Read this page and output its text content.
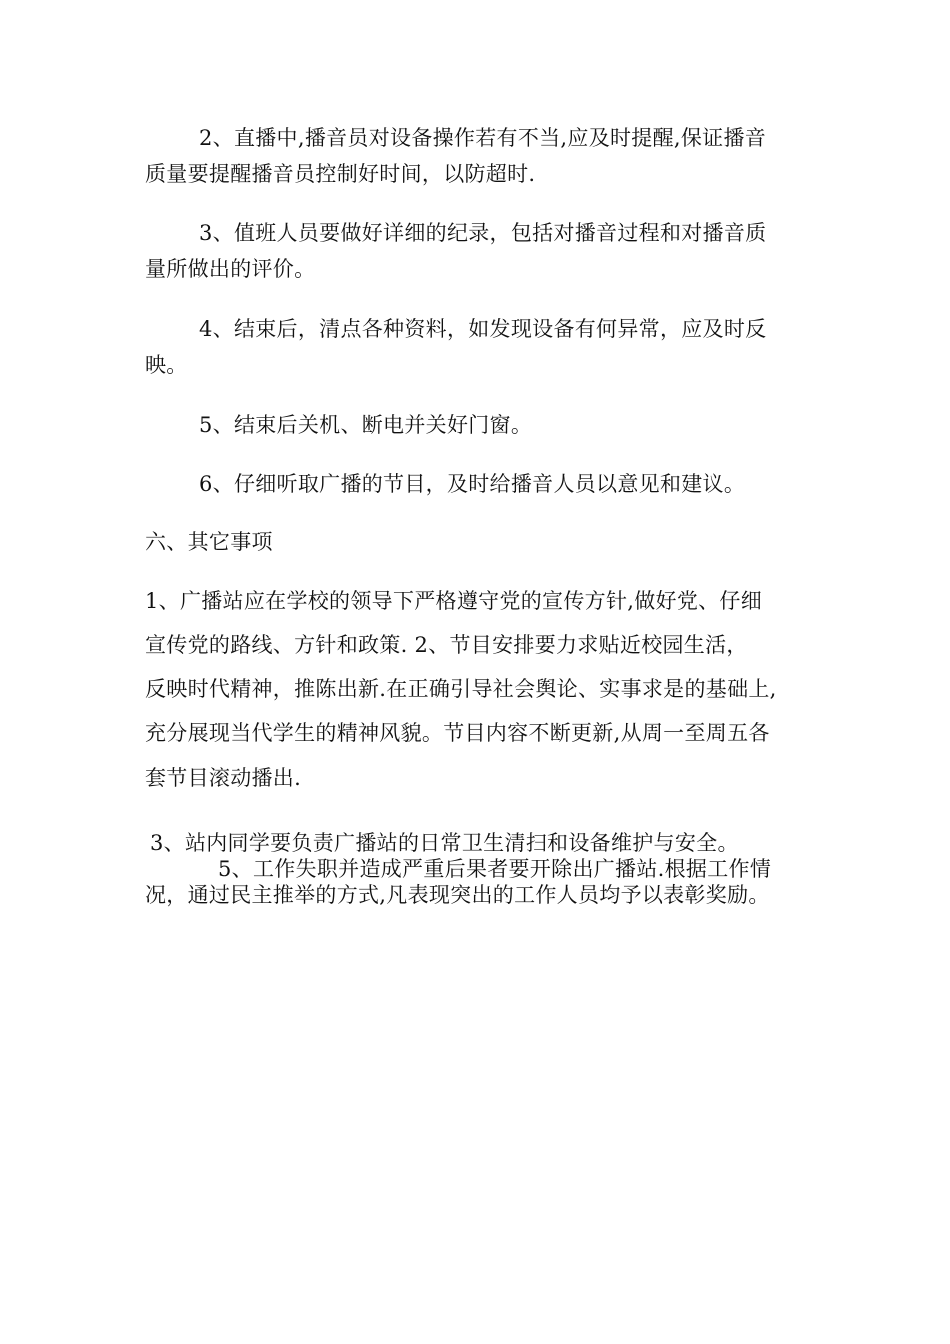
2、直播中,播音员对设备操作若有不当,应及时提醒,保证播音
质量要提醒播音员控制好时间，以防超时.
3、值班人员要做好详细的纪录，包括对播音过程和对播音质
量所做出的评价。
4、结束后，清点各种资料，如发现设备有何异常，应及时反
映。
5、结束后关机、断电并关好门窗。
6、仔细听取广播的节目，及时给播音人员以意见和建议。
六、其它事项
1、广播站应在学校的领导下严格遵守党的宣传方针,做好党、仔细
宣传党的路线、方针和政策. 2、节目安排要力求贴近校园生活，
反映时代精神，推陈出新.在正确引导社会舆论、实事求是的基础上,
充分展现当代学生的精神风貌。节目内容不断更新,从周一至周五各
套节目滚动播出.
3、站内同学要负责广播站的日常卫生清扫和设备维护与安全。
5、工作失职并造成严重后果者要开除出广播站.根据工作情
况，通过民主推举的方式,凡表现突出的工作人员均予以表彰奖励。
